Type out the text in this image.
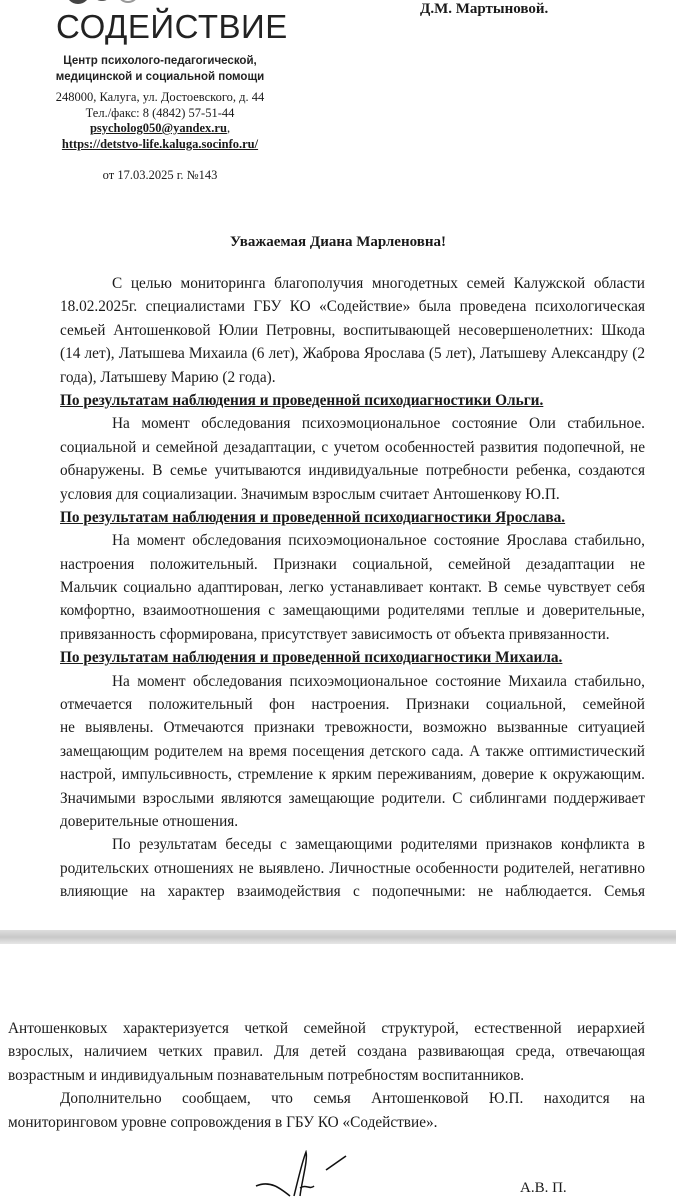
Д.М. Мартыновой.
СОДЕЙСТВИЕ
Центр психолого-педагогической,
медицинской и социальной помощи
248000, Калуга, ул. Достоевского, д. 44
Тел./факс: 8 (4842) 57-51-44
psycholog050@yandex.ru,
https://detstvo-life.kaluga.socinfo.ru/
от 17.03.2025 г. №143
Уважаемая Диана Марленовна!
С целью мониторинга благополучия многодетных семей Калужской области
18.02.2025г. специалистами ГБУ КО «Содействие» была проведена психологическая
семьей Антошенковой Юлии Петровны, воспитывающей несовершенолетних: Шкода
(14 лет), Латышева Михаила (6 лет), Жаброва Ярослава (5 лет), Латышеву Александру (2
года), Латышеву Марию (2 года).
По результатам наблюдения и проведенной психодиагностики Ольги.
На момент обследования психоэмоциональное состояние Оли стабильное.
социальной и семейной дезадаптации, с учетом особенностей развития подопечной, не
обнаружены. В семье учитываются индивидуальные потребности ребенка, создаются
условия для социализации. Значимым взрослым считает Антошенкову Ю.П.
По результатам наблюдения и проведенной психодиагностики Ярослава.
На момент обследования психоэмоциональное состояние Ярослава стабильно,
настроения положительный. Признаки социальной, семейной дезадаптации не
Мальчик социально адаптирован, легко устанавливает контакт. В семье чувствует себя
комфортно, взаимоотношения с замещающими родителями теплые и доверительные,
привязанность сформирована, присутствует зависимость от объекта привязанности.
По результатам наблюдения и проведенной психодиагностики Михаила.
На момент обследования психоэмоциональное состояние Михаила стабильно,
отмечается положительный фон настроения. Признаки социальной, семейной
не выявлены. Отмечаются признаки тревожности, возможно вызванные ситуацией
замещающим родителем на время посещения детского сада. А также оптимистический
настрой, импульсивность, стремление к ярким переживаниям, доверие к окружающим.
Значимыми взрослыми являются замещающие родители. С сиблингами поддерживает
доверительные отношения.
По результатам беседы с замещающими родителями признаков конфликта в
родительских отношениях не выявлено. Личностные особенности родителей, негативно
влияющие на характер взаимодействия с подопечными: не наблюдается. Семья
Антошенковых характеризуется четкой семейной структурой, естественной иерархией
взрослых, наличием четких правил. Для детей создана развивающая среда, отвечающая
возрастным и индивидуальным познавательным потребностям воспитанников.
Дополнительно сообщаем, что семья Антошенковой Ю.П. находится на
мониторинговом уровне сопровождения в ГБУ КО «Содействие».
А.В. П.
